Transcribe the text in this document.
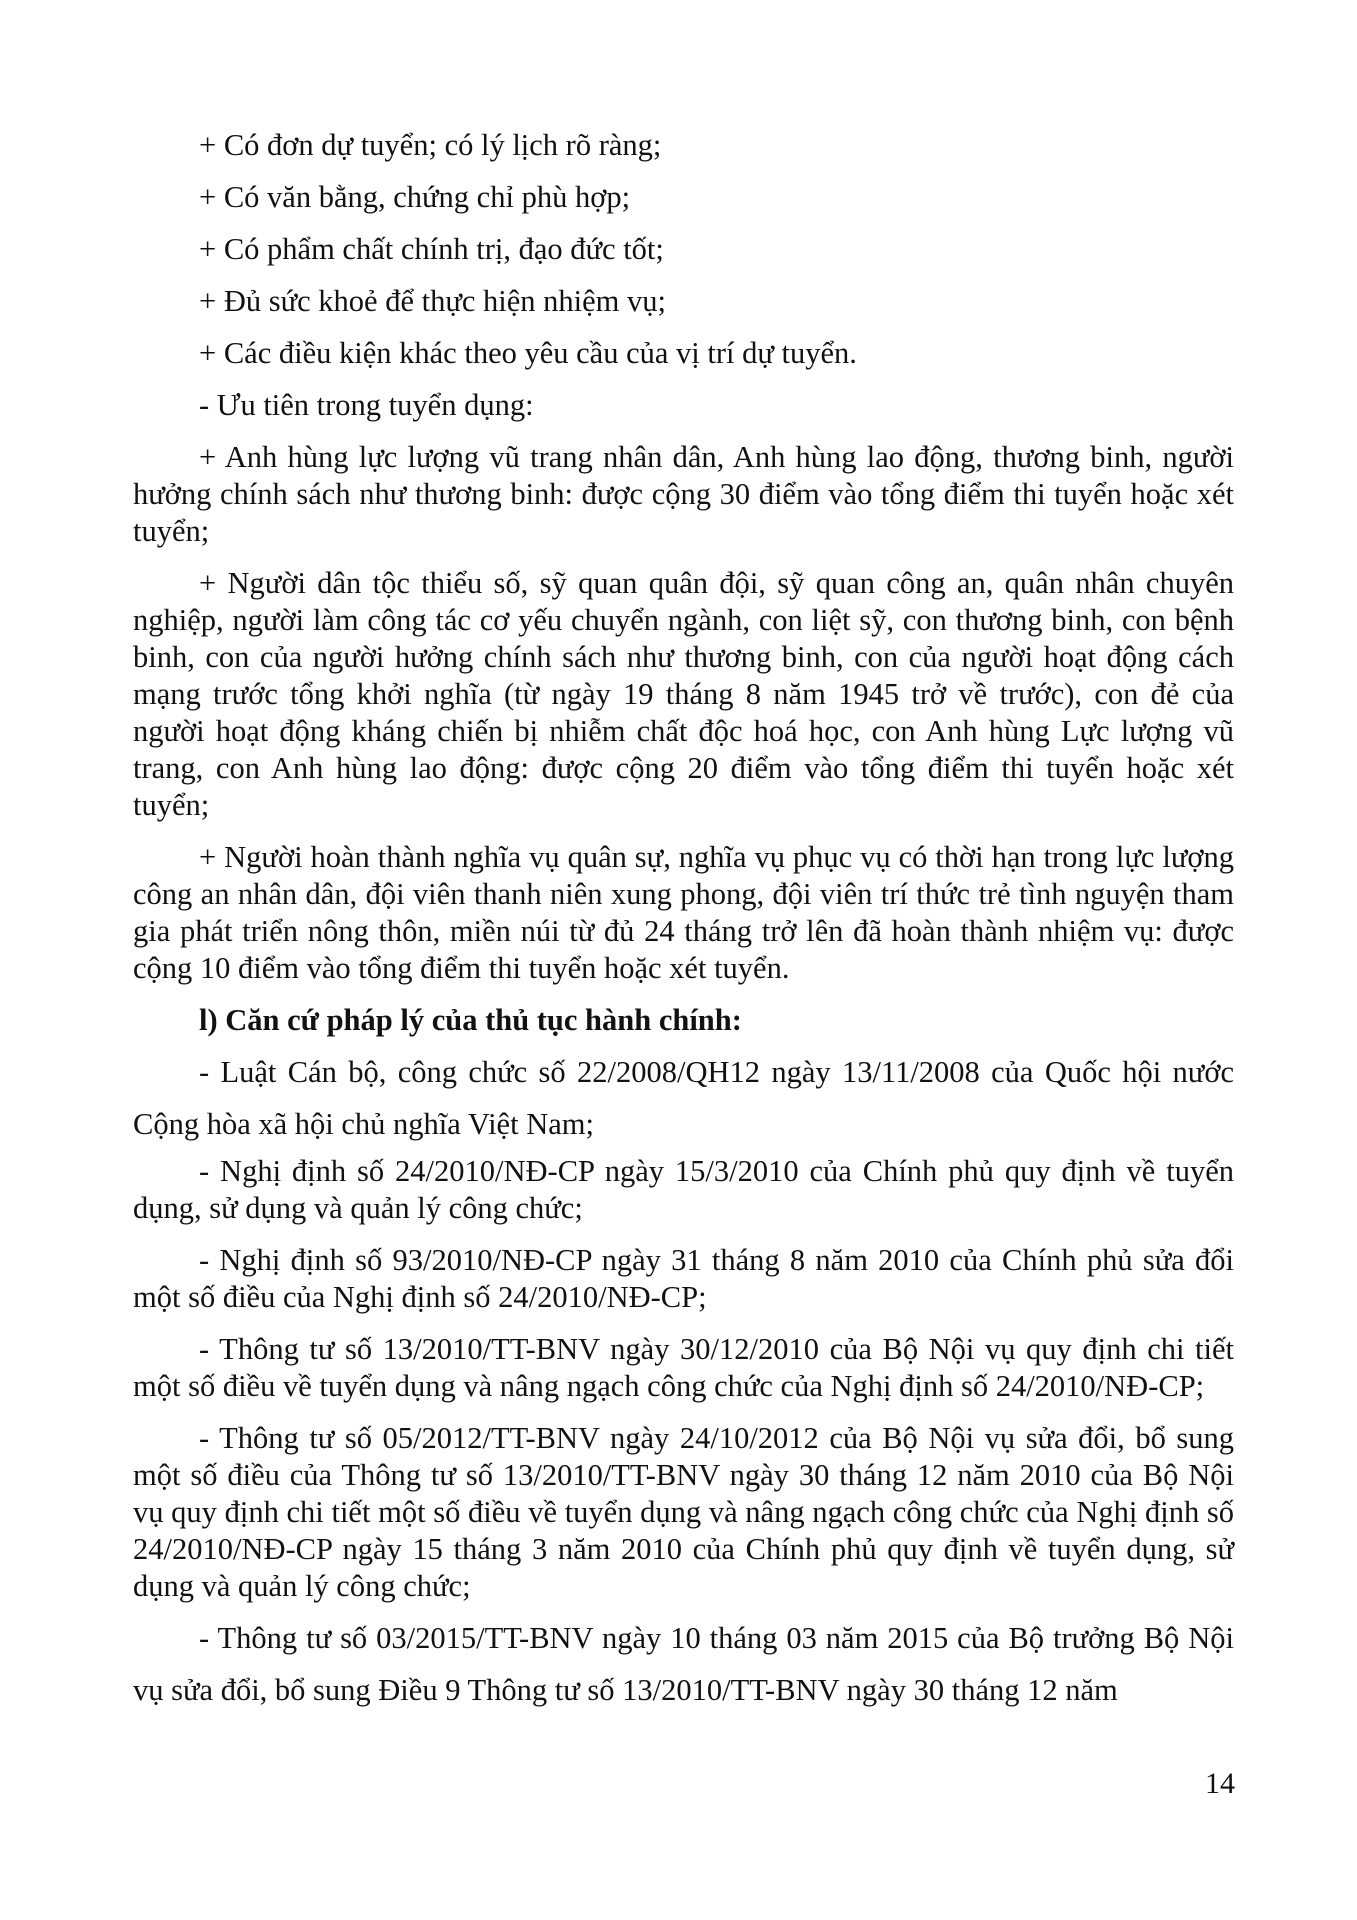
+ Có đơn dự tuyển; có lý lịch rõ ràng;

+ Có văn bằng, chứng chỉ phù hợp;

+ Có phẩm chất chính trị, đạo đức tốt;

+ Đủ sức khoẻ để thực hiện nhiệm vụ;

+ Các điều kiện khác theo yêu cầu của vị trí dự tuyển.

- Ưu tiên trong tuyển dụng:

+ Anh hùng lực lượng vũ trang nhân dân, Anh hùng lao động, thương binh, người hưởng chính sách như thương binh: được cộng 30 điểm vào tổng điểm thi tuyển hoặc xét tuyển;

+ Người dân tộc thiểu số, sỹ quan quân đội, sỹ quan công an, quân nhân chuyên nghiệp, người làm công tác cơ yếu chuyển ngành, con liệt sỹ, con thương binh, con bệnh binh, con của người hưởng chính sách như thương binh, con của người hoạt động cách mạng trước tổng khởi nghĩa (từ ngày 19 tháng 8 năm 1945 trở về trước), con đẻ của người hoạt động kháng chiến bị nhiễm chất độc hoá học, con Anh hùng Lực lượng vũ trang, con Anh hùng lao động: được cộng 20 điểm vào tổng điểm thi tuyển hoặc xét tuyển;

+ Người hoàn thành nghĩa vụ quân sự, nghĩa vụ phục vụ có thời hạn trong lực lượng công an nhân dân, đội viên thanh niên xung phong, đội viên trí thức trẻ tình nguyện tham gia phát triển nông thôn, miền núi từ đủ 24 tháng trở lên đã hoàn thành nhiệm vụ: được cộng 10 điểm vào tổng điểm thi tuyển hoặc xét tuyển.

l) Căn cứ pháp lý của thủ tục hành chính:

- Luật Cán bộ, công chức số 22/2008/QH12 ngày 13/11/2008 của Quốc hội nước Cộng hòa xã hội chủ nghĩa Việt Nam;

- Nghị định số 24/2010/NĐ-CP ngày 15/3/2010 của Chính phủ quy định về tuyển dụng, sử dụng và quản lý công chức;

- Nghị định số 93/2010/NĐ-CP ngày 31 tháng 8 năm 2010 của Chính phủ sửa đổi một số điều của Nghị định số 24/2010/NĐ-CP;

- Thông tư số 13/2010/TT-BNV ngày 30/12/2010 của Bộ Nội vụ quy định chi tiết một số điều về tuyển dụng và nâng ngạch công chức của Nghị định số 24/2010/NĐ-CP;

- Thông tư số 05/2012/TT-BNV ngày 24/10/2012 của Bộ Nội vụ sửa đổi, bổ sung một số điều của Thông tư số 13/2010/TT-BNV ngày 30 tháng 12 năm 2010 của Bộ Nội vụ quy định chi tiết một số điều về tuyển dụng và nâng ngạch công chức của Nghị định số 24/2010/NĐ-CP ngày 15 tháng 3 năm 2010 của Chính phủ quy định về tuyển dụng, sử dụng và quản lý công chức;

- Thông tư số 03/2015/TT-BNV ngày 10 tháng 03 năm 2015 của Bộ trưởng Bộ Nội vụ sửa đổi, bổ sung Điều 9 Thông tư số 13/2010/TT-BNV ngày 30 tháng 12 năm

14
